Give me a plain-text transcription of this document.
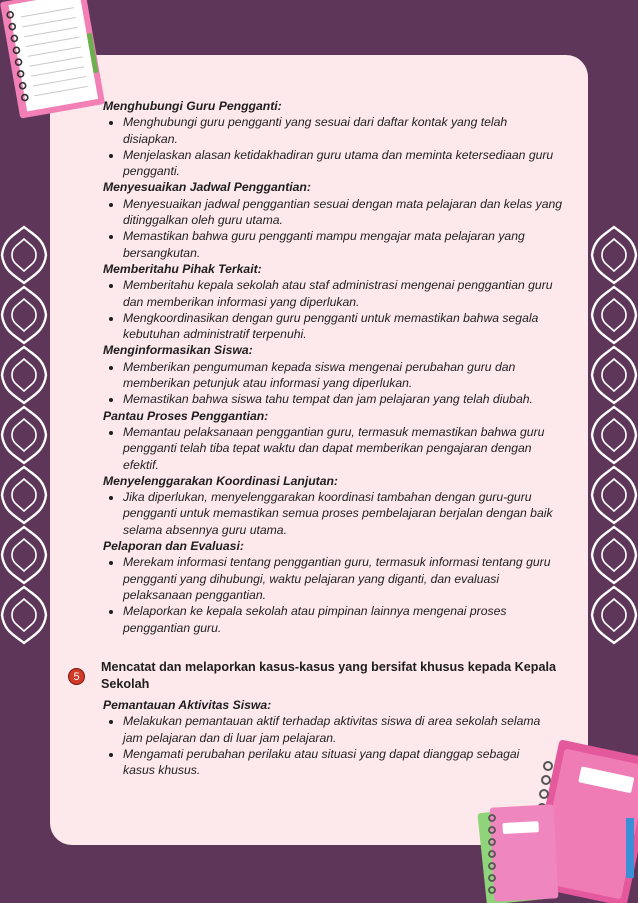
Menghubungi Guru Pengganti:

• Menghubungi guru pengganti yang sesuai dari daftar kontak yang telah disiapkan.
• Menjelaskan alasan ketidakhadiran guru utama dan meminta ketersediaan guru pengganti.

Menyesuaikan Jadwal Penggantian:

• Menyesuaikan jadwal penggantian sesuai dengan mata pelajaran dan kelas yang ditinggalkan oleh guru utama.
• Memastikan bahwa guru pengganti mampu mengajar mata pelajaran yang bersangkutan.

Memberitahu Pihak Terkait:

• Memberitahu kepala sekolah atau staf administrasi mengenai penggantian guru dan memberikan informasi yang diperlukan.
• Mengkoordinasikan dengan guru pengganti untuk memastikan bahwa segala kebutuhan administratif terpenuhi.

Menginformasikan Siswa:

• Memberikan pengumuman kepada siswa mengenai perubahan guru dan memberikan petunjuk atau informasi yang diperlukan.
• Memastikan bahwa siswa tahu tempat dan jam pelajaran yang telah diubah.

Pantau Proses Penggantian:

• Memantau pelaksanaan penggantian guru, termasuk memastikan bahwa guru pengganti telah tiba tepat waktu dan dapat memberikan pengajaran dengan efektif.

Menyelenggarakan Koordinasi Lanjutan:

• Jika diperlukan, menyelenggarakan koordinasi tambahan dengan guru-guru pengganti untuk memastikan semua proses pembelajaran berjalan dengan baik selama absennya guru utama.

Pelaporan dan Evaluasi:

• Merekam informasi tentang penggantian guru, termasuk informasi tentang guru pengganti yang dihubungi, waktu pelajaran yang diganti, dan evaluasi pelaksanaan penggantian.
• Melaporkan ke kepala sekolah atau pimpinan lainnya mengenai proses penggantian guru.
5
Mencatat dan melaporkan kasus-kasus yang bersifat khusus kepada Kepala Sekolah

Pemantauan Aktivitas Siswa:

• Melakukan pemantauan aktif terhadap aktivitas siswa di area sekolah selama jam pelajaran dan di luar jam pelajaran.
• Mengamati perubahan perilaku atau situasi yang dapat dianggap sebagai kasus khusus.
